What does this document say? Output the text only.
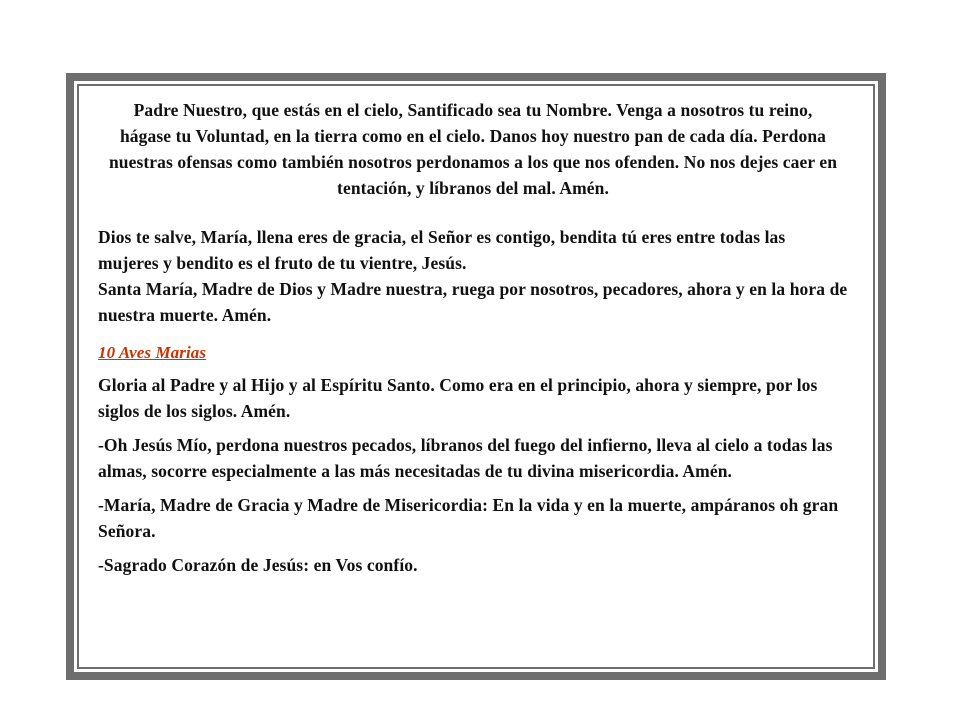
Padre Nuestro, que estás en el cielo, Santificado sea tu Nombre. Venga a nosotros tu reino, hágase tu Voluntad, en la tierra como en el cielo. Danos hoy nuestro pan de cada día. Perdona nuestras ofensas como también nosotros perdonamos a los que nos ofenden. No nos dejes caer en tentación, y líbranos del mal. Amén.

Dios te salve, María, llena eres de gracia, el Señor es contigo, bendita tú eres entre todas las mujeres y bendito es el fruto de tu vientre, Jesús.

Santa María, Madre de Dios y Madre nuestra, ruega por nosotros, pecadores, ahora y en la hora de nuestra muerte. Amén.

10 Aves Marias

Gloria al Padre y al Hijo y al Espíritu Santo. Como era en el principio, ahora y siempre, por los siglos de los siglos. Amén.

-Oh Jesús Mío, perdona nuestros pecados, líbranos del fuego del infierno, lleva al cielo a todas las almas, socorre especialmente a las más necesitadas de tu divina misericordia. Amén.

-María, Madre de Gracia y Madre de Misericordia: En la vida y en la muerte, ampáranos oh gran Señora.

-Sagrado Corazón de Jesús: en Vos confío.
